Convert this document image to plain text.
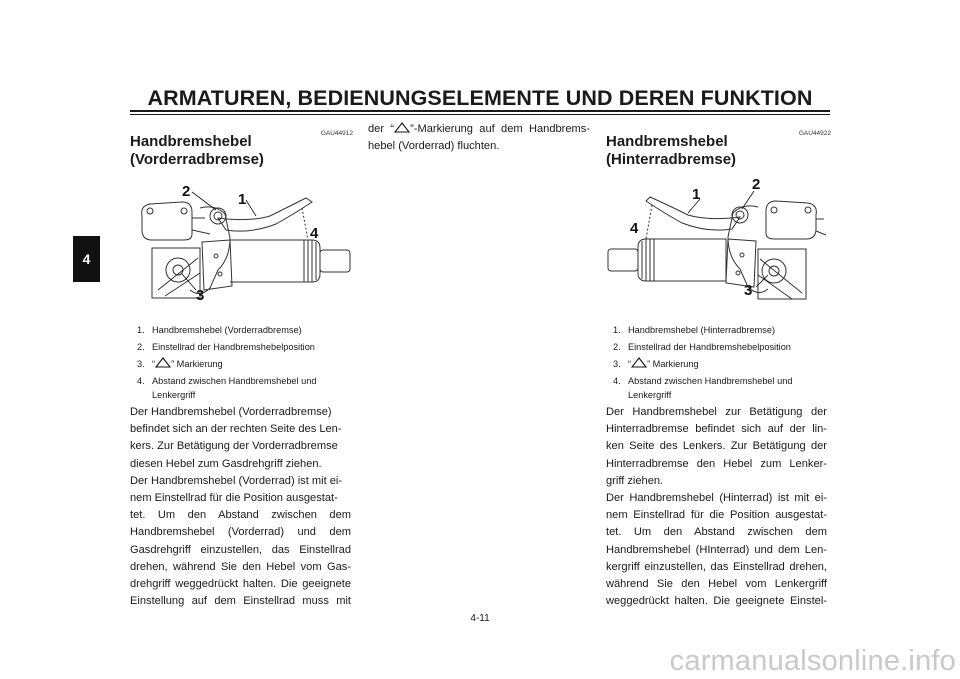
ARMATUREN, BEDIENUNGSELEMENTE UND DEREN FUNKTION
4
GAU44912
Handbremshebel
(Vorderradbremse)
2	1
4
3
1. Handbremshebel (Vorderradbremse)
2. Einstellrad der Handbremshebelposition
3. “ ” Markierung
4. Abstand zwischen Handbremshebel und
Lenkergriff

Der Handbremshebel (Vorderradbremse)

befindet sich an der rechten Seite des Len-

kers. Zur Betätigung der Vorderradbremse

diesen Hebel zum Gasdrehgriff ziehen.

Der Handbremshebel (Vorderrad) ist mit ei-

nem Einstellrad für die Position ausgestat-

tet. Um den Abstand zwischen dem

Handbremshebel (Vorderrad) und dem

Gasdrehgriff einzustellen, das Einstellrad

drehen, während Sie den Hebel vom Gas-

drehgriff weggedrückt halten. Die geeignete

Einstellung auf dem Einstellrad muss mit

der “ ”-Markierung auf dem Handbrems-

hebel (Vorderrad) fluchten.

GAU44922
Handbremshebel
(Hinterradbremse)
2
1
4
3
1. Handbremshebel (Hinterradbremse)
2. Einstellrad der Handbremshebelposition
3. “ ” Markierung
4. Abstand zwischen Handbremshebel und
Lenkergriff

Der Handbremshebel zur Betätigung der

Hinterradbremse befindet sich auf der lin-

ken Seite des Lenkers. Zur Betätigung der

Hinterradbremse den Hebel zum Lenker-

griff ziehen.

Der Handbremshebel (Hinterrad) ist mit ei-

nem Einstellrad für die Position ausgestat-

tet. Um den Abstand zwischen dem

Handbremshebel (HInterrad) und dem Len-

kergriff einzustellen, das Einstellrad drehen,

während Sie den Hebel vom Lenkergriff

weggedrückt halten. Die geeignete Einstel-

4-11
carmanualsonline.info
